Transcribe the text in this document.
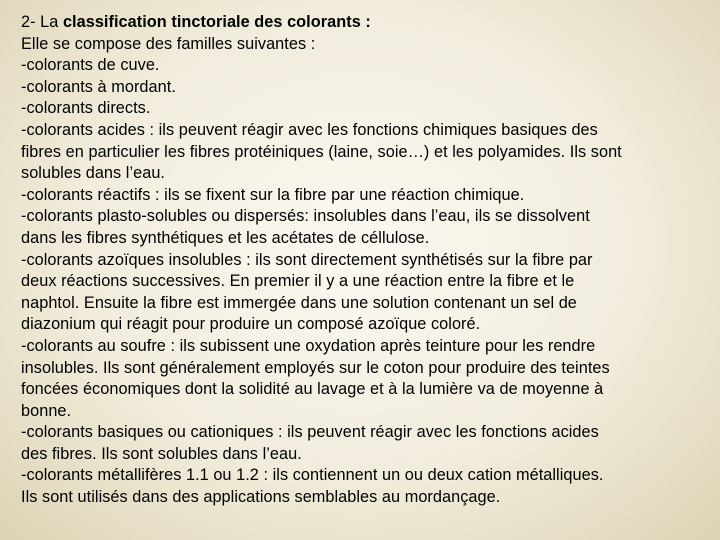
2- La classification tinctoriale des colorants :
Elle se compose des familles suivantes :
-colorants de cuve.
-colorants à mordant.
-colorants directs.
-colorants acides : ils peuvent réagir avec les fonctions chimiques basiques des
fibres en particulier les fibres protéiniques (laine, soie…) et les polyamides. Ils sont
solubles dans l’eau.
-colorants réactifs : ils se fixent sur la fibre par une réaction chimique.
-colorants plasto-solubles ou dispersés: insolubles dans l’eau, ils se dissolvent
dans les fibres synthétiques et les acétates de céllulose.
-colorants azoïques insolubles : ils sont directement synthétisés sur la fibre par
deux réactions successives. En premier il y a une réaction entre la fibre et le
naphtol. Ensuite la fibre est immergée dans une solution contenant un sel de
diazonium qui réagit pour produire un composé azoïque coloré.
-colorants au soufre : ils subissent une oxydation après teinture pour les rendre
insolubles. Ils sont généralement employés sur le coton pour produire des teintes
foncées économiques dont la solidité au lavage et à la lumière va de moyenne à
bonne.
-colorants basiques ou cationiques : ils peuvent réagir avec les fonctions acides
des fibres. Ils sont solubles dans l’eau.
-colorants métallifères 1.1 ou 1.2 : ils contiennent un ou deux cation métalliques.
Ils sont utilisés dans des applications semblables au mordançage.
